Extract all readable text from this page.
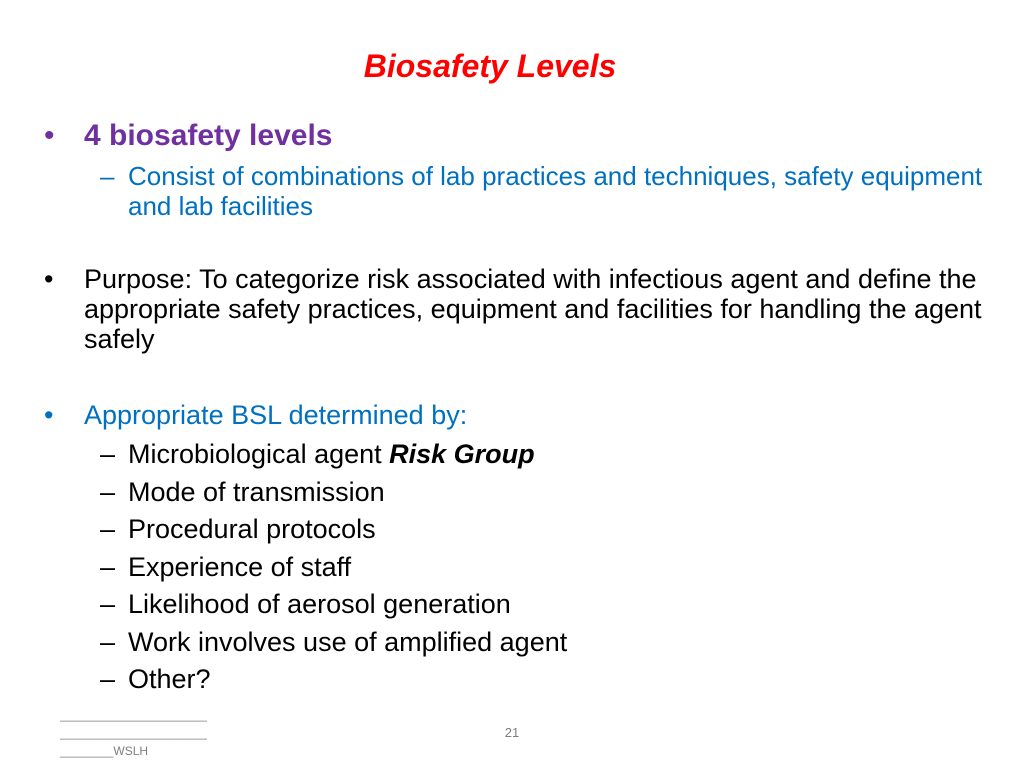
Biosafety Levels
• 4 biosafety levels
– Consist of combinations of lab practices and techniques, safety equipment and lab facilities
• Purpose: To categorize risk associated with infectious agent and define the appropriate safety practices, equipment and facilities for handling the agent safely
• Appropriate BSL determined by:
– Microbiological agent Risk Group
– Mode of transmission
– Procedural protocols
– Experience of staff
– Likelihood of aerosol generation
– Work involves use of amplified agent
– Other?
______________________
______________________
________WSLH
21
